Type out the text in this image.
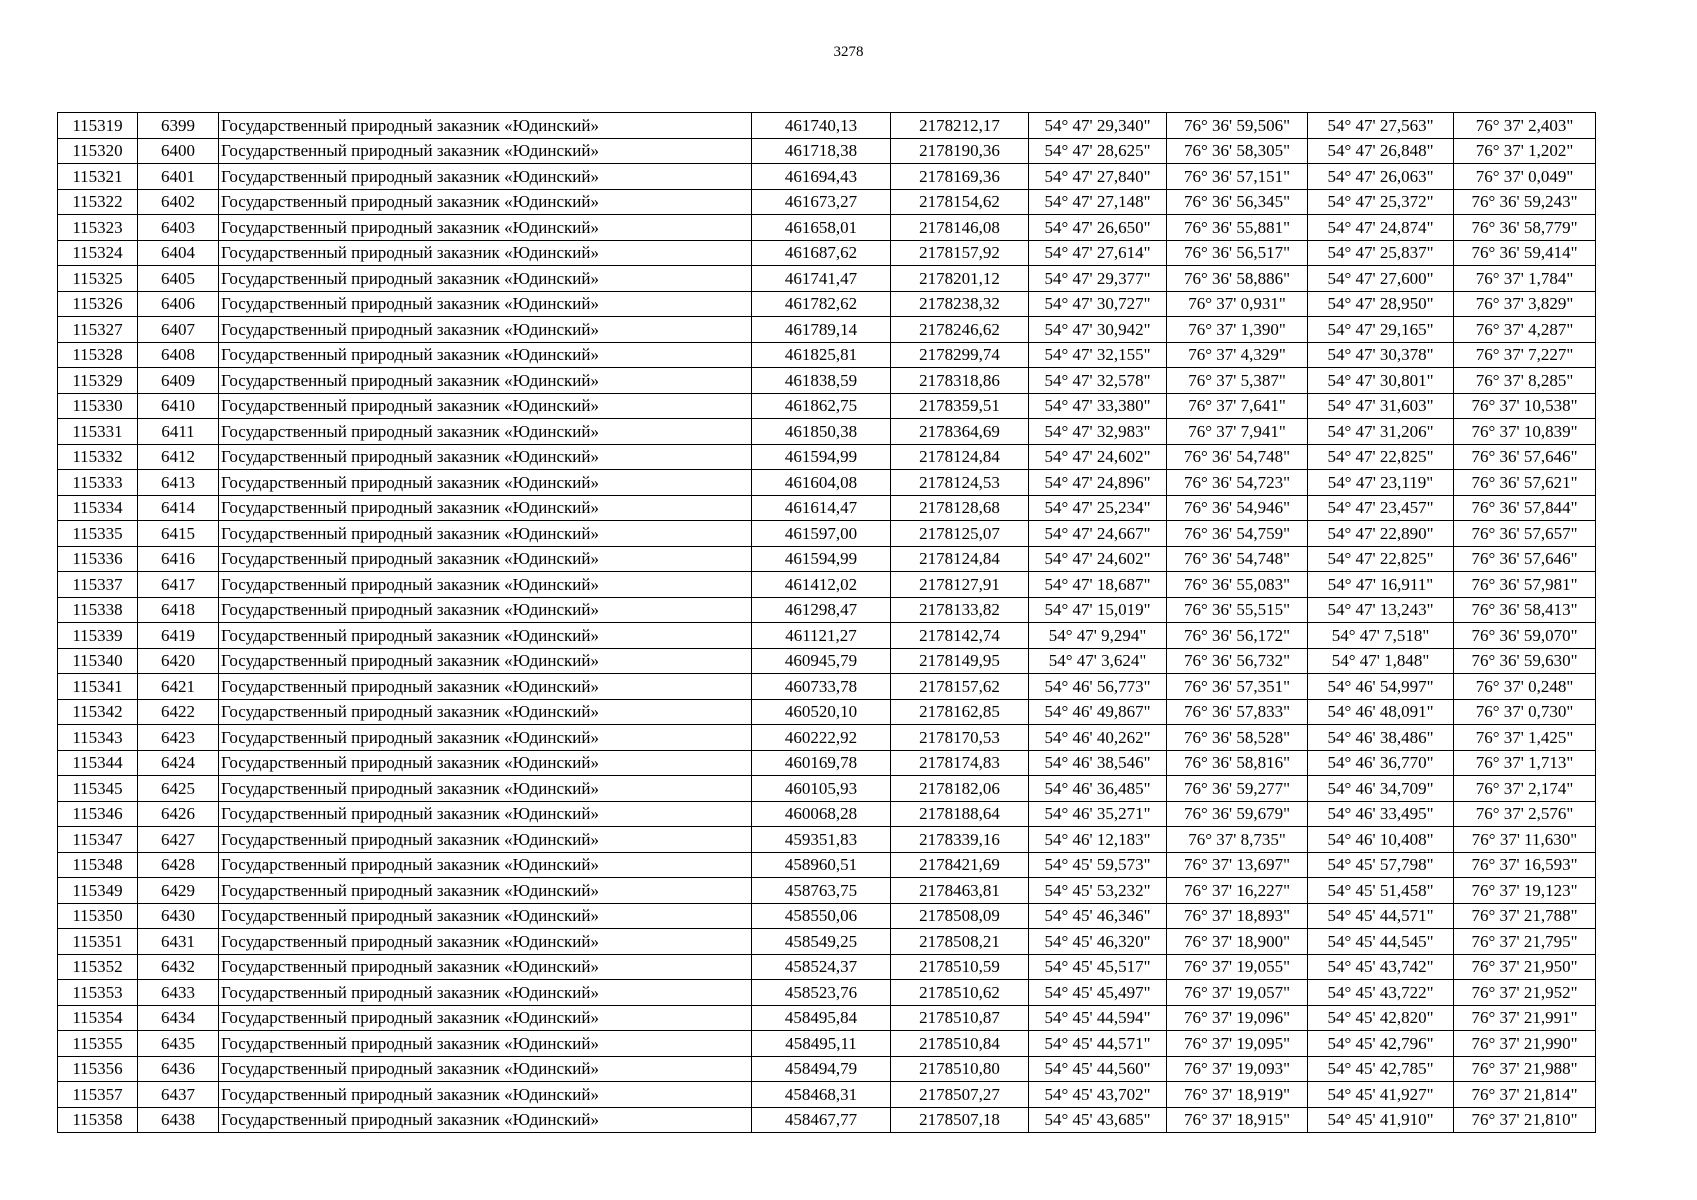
3278
115319	6399	Государственный природный заказник «Юдинский»	461740,13	2178212,17	54° 47' 29,340"	76° 36' 59,506"	54° 47' 27,563"	76° 37' 2,403"
115320	6400	Государственный природный заказник «Юдинский»	461718,38	2178190,36	54° 47' 28,625"	76° 36' 58,305"	54° 47' 26,848"	76° 37' 1,202"
115321	6401	Государственный природный заказник «Юдинский»	461694,43	2178169,36	54° 47' 27,840"	76° 36' 57,151"	54° 47' 26,063"	76° 37' 0,049"
115322	6402	Государственный природный заказник «Юдинский»	461673,27	2178154,62	54° 47' 27,148"	76° 36' 56,345"	54° 47' 25,372"	76° 36' 59,243"
115323	6403	Государственный природный заказник «Юдинский»	461658,01	2178146,08	54° 47' 26,650"	76° 36' 55,881"	54° 47' 24,874"	76° 36' 58,779"
115324	6404	Государственный природный заказник «Юдинский»	461687,62	2178157,92	54° 47' 27,614"	76° 36' 56,517"	54° 47' 25,837"	76° 36' 59,414"
115325	6405	Государственный природный заказник «Юдинский»	461741,47	2178201,12	54° 47' 29,377"	76° 36' 58,886"	54° 47' 27,600"	76° 37' 1,784"
115326	6406	Государственный природный заказник «Юдинский»	461782,62	2178238,32	54° 47' 30,727"	76° 37' 0,931"	54° 47' 28,950"	76° 37' 3,829"
115327	6407	Государственный природный заказник «Юдинский»	461789,14	2178246,62	54° 47' 30,942"	76° 37' 1,390"	54° 47' 29,165"	76° 37' 4,287"
115328	6408	Государственный природный заказник «Юдинский»	461825,81	2178299,74	54° 47' 32,155"	76° 37' 4,329"	54° 47' 30,378"	76° 37' 7,227"
115329	6409	Государственный природный заказник «Юдинский»	461838,59	2178318,86	54° 47' 32,578"	76° 37' 5,387"	54° 47' 30,801"	76° 37' 8,285"
115330	6410	Государственный природный заказник «Юдинский»	461862,75	2178359,51	54° 47' 33,380"	76° 37' 7,641"	54° 47' 31,603"	76° 37' 10,538"
115331	6411	Государственный природный заказник «Юдинский»	461850,38	2178364,69	54° 47' 32,983"	76° 37' 7,941"	54° 47' 31,206"	76° 37' 10,839"
115332	6412	Государственный природный заказник «Юдинский»	461594,99	2178124,84	54° 47' 24,602"	76° 36' 54,748"	54° 47' 22,825"	76° 36' 57,646"
115333	6413	Государственный природный заказник «Юдинский»	461604,08	2178124,53	54° 47' 24,896"	76° 36' 54,723"	54° 47' 23,119"	76° 36' 57,621"
115334	6414	Государственный природный заказник «Юдинский»	461614,47	2178128,68	54° 47' 25,234"	76° 36' 54,946"	54° 47' 23,457"	76° 36' 57,844"
115335	6415	Государственный природный заказник «Юдинский»	461597,00	2178125,07	54° 47' 24,667"	76° 36' 54,759"	54° 47' 22,890"	76° 36' 57,657"
115336	6416	Государственный природный заказник «Юдинский»	461594,99	2178124,84	54° 47' 24,602"	76° 36' 54,748"	54° 47' 22,825"	76° 36' 57,646"
115337	6417	Государственный природный заказник «Юдинский»	461412,02	2178127,91	54° 47' 18,687"	76° 36' 55,083"	54° 47' 16,911"	76° 36' 57,981"
115338	6418	Государственный природный заказник «Юдинский»	461298,47	2178133,82	54° 47' 15,019"	76° 36' 55,515"	54° 47' 13,243"	76° 36' 58,413"
115339	6419	Государственный природный заказник «Юдинский»	461121,27	2178142,74	54° 47' 9,294"	76° 36' 56,172"	54° 47' 7,518"	76° 36' 59,070"
115340	6420	Государственный природный заказник «Юдинский»	460945,79	2178149,95	54° 47' 3,624"	76° 36' 56,732"	54° 47' 1,848"	76° 36' 59,630"
115341	6421	Государственный природный заказник «Юдинский»	460733,78	2178157,62	54° 46' 56,773"	76° 36' 57,351"	54° 46' 54,997"	76° 37' 0,248"
115342	6422	Государственный природный заказник «Юдинский»	460520,10	2178162,85	54° 46' 49,867"	76° 36' 57,833"	54° 46' 48,091"	76° 37' 0,730"
115343	6423	Государственный природный заказник «Юдинский»	460222,92	2178170,53	54° 46' 40,262"	76° 36' 58,528"	54° 46' 38,486"	76° 37' 1,425"
115344	6424	Государственный природный заказник «Юдинский»	460169,78	2178174,83	54° 46' 38,546"	76° 36' 58,816"	54° 46' 36,770"	76° 37' 1,713"
115345	6425	Государственный природный заказник «Юдинский»	460105,93	2178182,06	54° 46' 36,485"	76° 36' 59,277"	54° 46' 34,709"	76° 37' 2,174"
115346	6426	Государственный природный заказник «Юдинский»	460068,28	2178188,64	54° 46' 35,271"	76° 36' 59,679"	54° 46' 33,495"	76° 37' 2,576"
115347	6427	Государственный природный заказник «Юдинский»	459351,83	2178339,16	54° 46' 12,183"	76° 37' 8,735"	54° 46' 10,408"	76° 37' 11,630"
115348	6428	Государственный природный заказник «Юдинский»	458960,51	2178421,69	54° 45' 59,573"	76° 37' 13,697"	54° 45' 57,798"	76° 37' 16,593"
115349	6429	Государственный природный заказник «Юдинский»	458763,75	2178463,81	54° 45' 53,232"	76° 37' 16,227"	54° 45' 51,458"	76° 37' 19,123"
115350	6430	Государственный природный заказник «Юдинский»	458550,06	2178508,09	54° 45' 46,346"	76° 37' 18,893"	54° 45' 44,571"	76° 37' 21,788"
115351	6431	Государственный природный заказник «Юдинский»	458549,25	2178508,21	54° 45' 46,320"	76° 37' 18,900"	54° 45' 44,545"	76° 37' 21,795"
115352	6432	Государственный природный заказник «Юдинский»	458524,37	2178510,59	54° 45' 45,517"	76° 37' 19,055"	54° 45' 43,742"	76° 37' 21,950"
115353	6433	Государственный природный заказник «Юдинский»	458523,76	2178510,62	54° 45' 45,497"	76° 37' 19,057"	54° 45' 43,722"	76° 37' 21,952"
115354	6434	Государственный природный заказник «Юдинский»	458495,84	2178510,87	54° 45' 44,594"	76° 37' 19,096"	54° 45' 42,820"	76° 37' 21,991"
115355	6435	Государственный природный заказник «Юдинский»	458495,11	2178510,84	54° 45' 44,571"	76° 37' 19,095"	54° 45' 42,796"	76° 37' 21,990"
115356	6436	Государственный природный заказник «Юдинский»	458494,79	2178510,80	54° 45' 44,560"	76° 37' 19,093"	54° 45' 42,785"	76° 37' 21,988"
115357	6437	Государственный природный заказник «Юдинский»	458468,31	2178507,27	54° 45' 43,702"	76° 37' 18,919"	54° 45' 41,927"	76° 37' 21,814"
115358	6438	Государственный природный заказник «Юдинский»	458467,77	2178507,18	54° 45' 43,685"	76° 37' 18,915"	54° 45' 41,910"	76° 37' 21,810"
